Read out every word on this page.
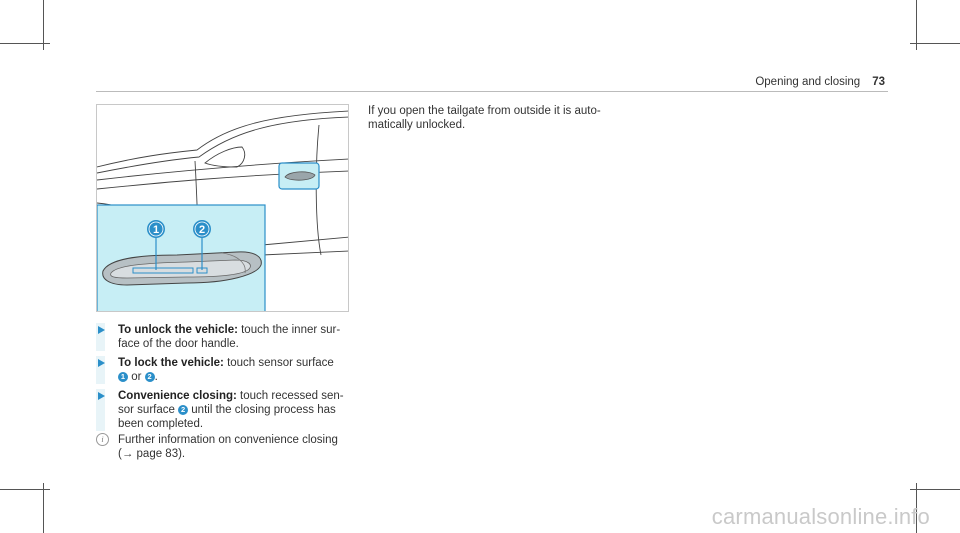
Opening and closing 73
1	2
To unlock the vehicle: touch the inner sur-
face of the door handle.
To lock the vehicle: touch sensor surface
1 or 2 .
Convenience closing: touch recessed sen-
sor surface 2 until the closing process has
been completed.
i	Further information on convenience closing
(→ page 83).
If you open the tailgate from outside it is auto-
matically unlocked.
carmanualsonline.info
